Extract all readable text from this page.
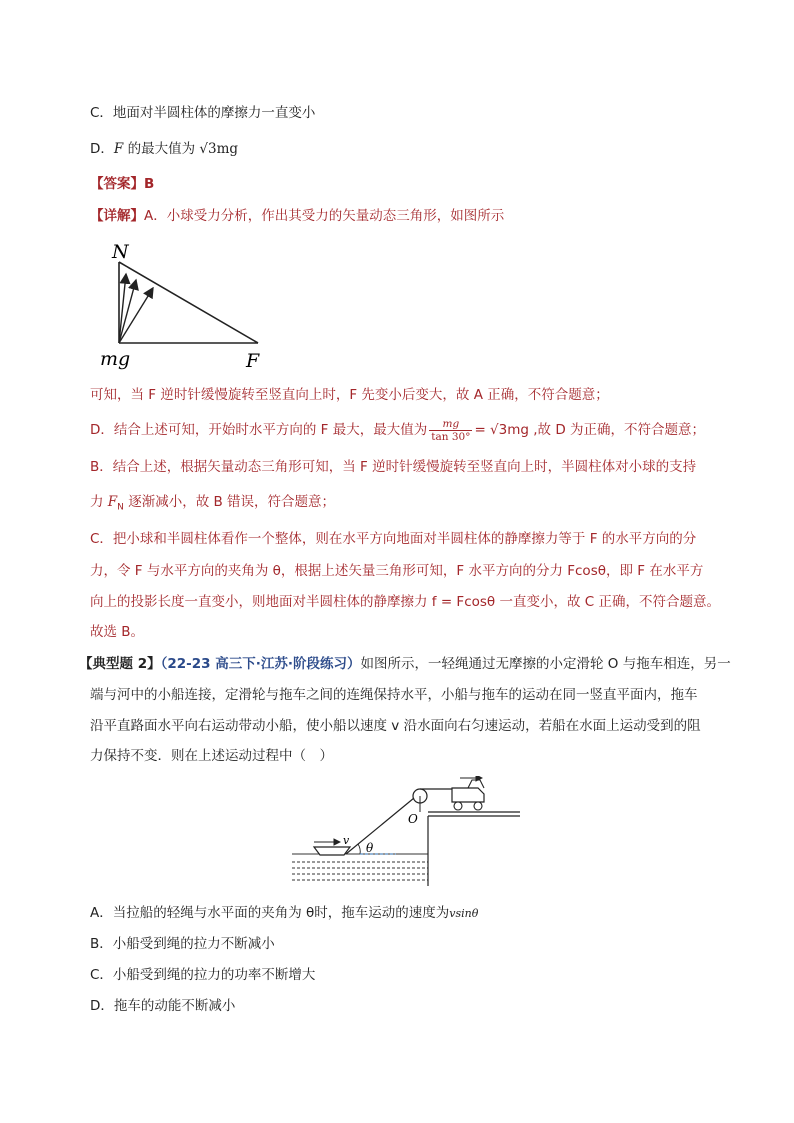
C．地面对半圆柱体的摩擦力一直变小
D．F 的最大值为 √3mg
【答案】B
【详解】A．小球受力分析，作出其受力的矢量动态三角形，如图所示
N
mg	F
可知，当 F 逆时针缓慢旋转至竖直向上时，F 先变小后变大，故 A 正确，不符合题意；
D．结合上述可知，开始时水平方向的 F 最大，最大值为 $\frac{mg}{\tan 30^\circ} = √3mg$ ,故 D 为正确，不符合题意；
B．结合上述，根据矢量动态三角形可知，当 F 逆时针缓慢旋转至竖直向上时，半圆柱体对小球的支持
力 $F_N$ 逐渐减小，故 B 错误，符合题意；
C．把小球和半圆柱体看作一个整体，则在水平方向地面对半圆柱体的静摩擦力等于 F 的水平方向的分
力，令 F 与水平方向的夹角为 θ，根据上述矢量三角形可知，F 水平方向的分力 Fcosθ，即 F 在水平方
向上的投影长度一直变小，则地面对半圆柱体的静摩擦力 f = Fcosθ 一直变小，故 C 正确，不符合题意。
故选 B。
【典型题 2】（22-23 高三下·江苏·阶段练习）如图所示，一轻绳通过无摩擦的小定滑轮 O 与拖车相连，另一
端与河中的小船连接，定滑轮与拖车之间的连绳保持水平，小船与拖车的运动在同一竖直平面内，拖车
沿平直路面水平向右运动带动小船，使小船以速度 v 沿水面向右匀速运动，若船在水面上运动受到的阻
力保持不变．则在上述运动过程中（　）
v
θ
O
A．当拉船的轻绳与水平面的夹角为 θ时，拖车运动的速度为vsinθ
B．小船受到绳的拉力不断减小
C．小船受到绳的拉力的功率不断增大
D．拖车的动能不断减小
